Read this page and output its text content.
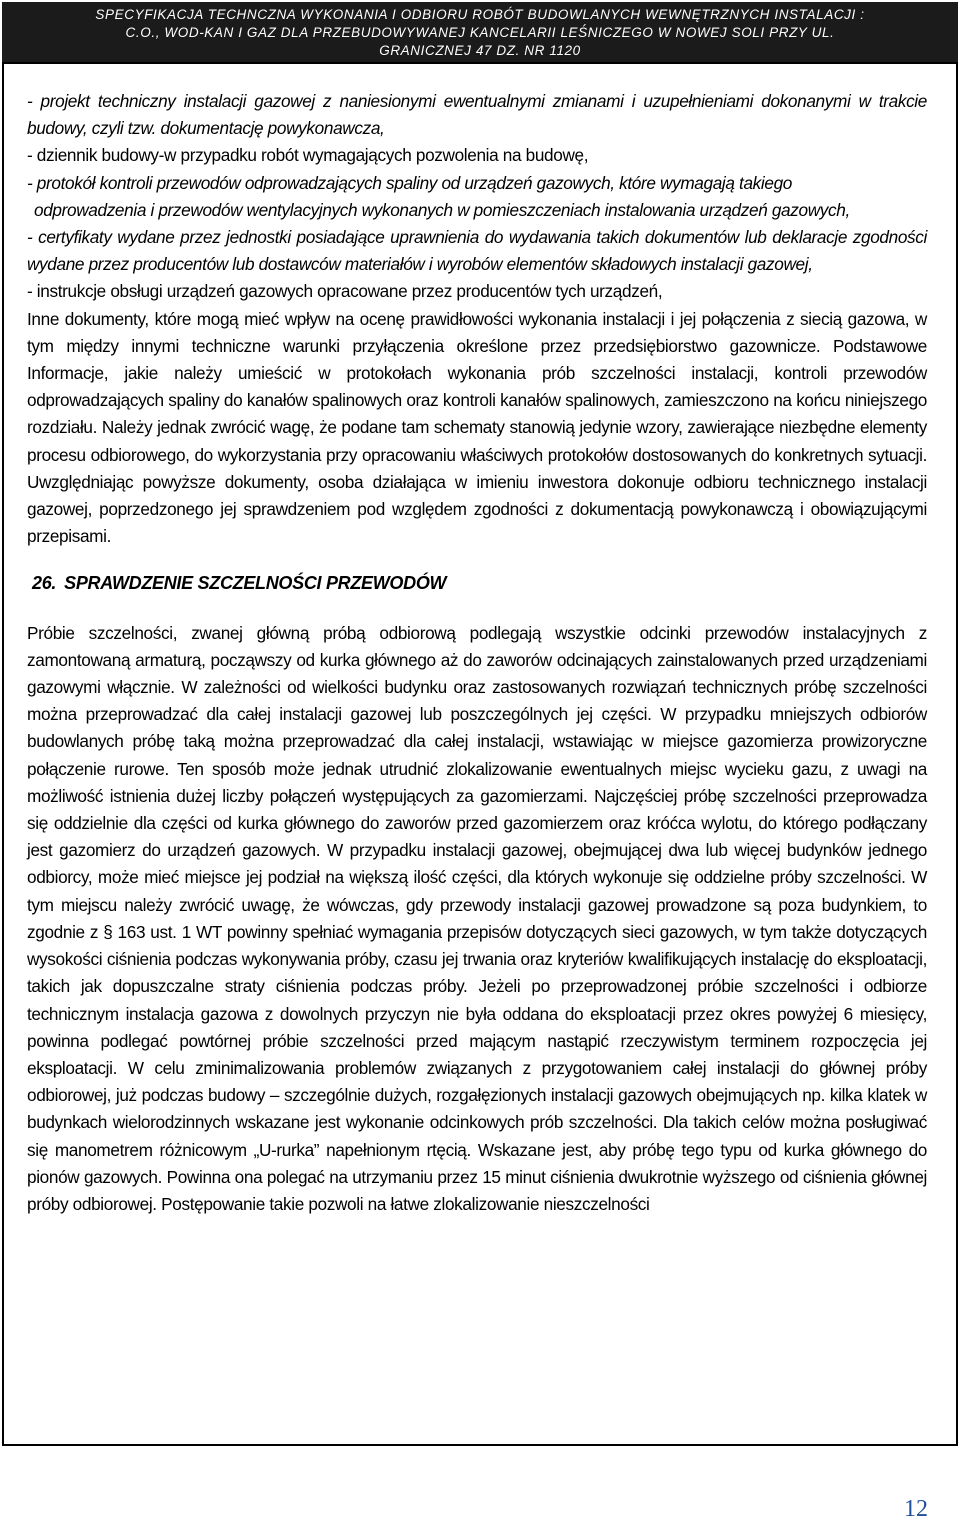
SPECYFIKACJA TECHNCZNA WYKONANIA I ODBIORU ROBÓT BUDOWLANYCH WEWNĘTRZNYCH INSTALACJI :
C.O., WOD-KAN I GAZ DLA PRZEBUDOWYWANEJ KANCELARII LEŚNICZEGO W NOWEJ SOLI PRZY UL.
GRANICZNEJ 47 DZ. NR 1120

- projekt techniczny instalacji gazowej z naniesionymi ewentualnymi zmianami i uzupełnieniami dokonanymi w trakcie budowy, czyli tzw. dokumentację powykonawcza,

- dziennik budowy-w przypadku robót wymagających pozwolenia na budowę,

- protokół kontroli przewodów odprowadzających spaliny od urządzeń gazowych, które wymagają takiego

odprowadzenia i przewodów wentylacyjnych wykonanych w pomieszczeniach instalowania urządzeń gazowych,

- certyfikaty wydane przez jednostki posiadające uprawnienia do wydawania takich dokumentów lub deklaracje zgodności wydane przez producentów lub dostawców materiałów i wyrobów elementów składowych instalacji gazowej,

- instrukcje obsługi urządzeń gazowych opracowane przez producentów tych urządzeń,

Inne dokumenty, które mogą mieć wpływ na ocenę prawidłowości wykonania instalacji i jej połączenia z siecią gazowa, w tym między innymi techniczne warunki przyłączenia określone przez przedsiębiorstwo gazownicze. Podstawowe Informacje, jakie należy umieścić w protokołach wykonania prób szczelności instalacji, kontroli przewodów odprowadzających spaliny do kanałów spalinowych oraz kontroli kanałów spalinowych, zamieszczono na końcu niniejszego rozdziału. Należy jednak zwrócić wagę, że podane tam schematy stanowią jedynie wzory, zawierające niezbędne elementy procesu odbiorowego, do wykorzystania przy opracowaniu właściwych protokołów dostosowanych do konkretnych sytuacji. Uwzględniając powyższe dokumenty, osoba działająca w imieniu inwestora dokonuje odbioru technicznego instalacji gazowej, poprzedzonego jej sprawdzeniem pod względem zgodności z dokumentacją powykonawczą i obowiązującymi przepisami.

26. SPRAWDZENIE SZCZELNOŚCI PRZEWODÓW

Próbie szczelności, zwanej główną próbą odbiorową podlegają wszystkie odcinki przewodów instalacyjnych z zamontowaną armaturą, począwszy od kurka głównego aż do zaworów odcinających zainstalowanych przed urządzeniami gazowymi włącznie. W zależności od wielkości budynku oraz zastosowanych rozwiązań technicznych próbę szczelności można przeprowadzać dla całej instalacji gazowej lub poszczególnych jej części. W przypadku mniejszych odbiorów budowlanych próbę taką można przeprowadzać dla całej instalacji, wstawiając w miejsce gazomierza prowizoryczne połączenie rurowe. Ten sposób może jednak utrudnić zlokalizowanie ewentualnych miejsc wycieku gazu, z uwagi na możliwość istnienia dużej liczby połączeń występujących za gazomierzami. Najczęściej próbę szczelności przeprowadza się oddzielnie dla części od kurka głównego do zaworów przed gazomierzem oraz króćca wylotu, do którego podłączany jest gazomierz do urządzeń gazowych. W przypadku instalacji gazowej, obejmującej dwa lub więcej budynków jednego odbiorcy, może mieć miejsce jej podział na większą ilość części, dla których wykonuje się oddzielne próby szczelności. W tym miejscu należy zwrócić uwagę, że wówczas, gdy przewody instalacji gazowej prowadzone są poza budynkiem, to zgodnie z § 163 ust. 1 WT powinny spełniać wymagania przepisów dotyczących sieci gazowych, w tym także dotyczących wysokości ciśnienia podczas wykonywania próby, czasu jej trwania oraz kryteriów kwalifikujących instalację do eksploatacji, takich jak dopuszczalne straty ciśnienia podczas próby. Jeżeli po przeprowadzonej próbie szczelności i odbiorze technicznym instalacja gazowa z dowolnych przyczyn nie była oddana do eksploatacji przez okres powyżej 6 miesięcy, powinna podlegać powtórnej próbie szczelności przed mającym nastąpić rzeczywistym terminem rozpoczęcia jej eksploatacji. W celu zminimalizowania problemów związanych z przygotowaniem całej instalacji do głównej próby odbiorowej, już podczas budowy – szczególnie dużych, rozgałęzionych instalacji gazowych obejmujących np. kilka klatek w budynkach wielorodzinnych wskazane jest wykonanie odcinkowych prób szczelności. Dla takich celów można posługiwać się manometrem różnicowym „U-rurka” napełnionym rtęcią. Wskazane jest, aby próbę tego typu od kurka głównego do pionów gazowych. Powinna ona polegać na utrzymaniu przez 15 minut ciśnienia dwukrotnie wyższego od ciśnienia głównej próby odbiorowej. Postępowanie takie pozwoli na łatwe zlokalizowanie nieszczelności

12
